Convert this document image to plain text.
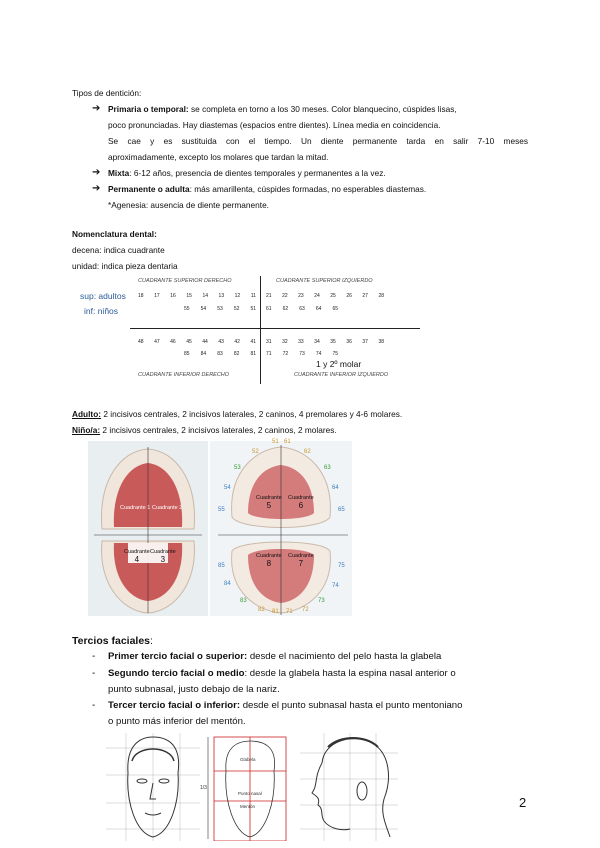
Tipos de dentición:
➔ Primaria o temporal: se completa en torno a los 30 meses. Color blanquecino, cúspides lisas,
poco pronunciadas. Hay diastemas (espacios entre dientes). Línea media en coincidencia.
Se cae y es sustituida con el tiempo. Un diente permanente tarda en salir 7-10 meses
aproximadamente, excepto los molares que tardan la mitad.
➔ Mixta: 6-12 años, presencia de dientes temporales y permanentes a la vez.
➔ Permanente o adulta: más amarillenta, cúspides formadas, no esperables diastemas.
*Agenesia: ausencia de diente permanente.
Nomenclatura dental:
decena: indica cuadrante
unidad: indica pieza dentaria
sup: adultos
inf: niños
CUADRANTE SUPERIOR DERECHO	CUADRANTE SUPERIOR IZQUIERDO
18 17 16 15 14 13 12 11 21 22 23 24 25 26 27 28
55 54 53 52 51 61 62 63 64 65
48 47 46 45 44 43 42 41 31 32 33 34 35 36 37 38
85 84 83 82 81 71 72 73 74 75
1 y 2º molar
CUADRANTE INFERIOR DERECHO	CUADRANTE INFERIOR IZQUIERDO
Adulto: 2 incisivos centrales, 2 incisivos laterales, 2 caninos, 4 premolares y 4-6 molares.
Niño/a: 2 incisivos centrales, 2 incisivos laterales, 2 caninos, 2 molares.
Cuadrante 1 Cuadrante 2
Cuadrante
4
Cuadrante
3
Cuadrante
5
Cuadrante
6
Cuadrante
8
Cuadrante
7
51 61
52	62
53	63
54	64
55	65
85	75
84	74
83	73
82	72
81 71
Tercios faciales:
- Primer tercio facial o superior: desde el nacimiento del pelo hasta la glabela
- Segundo tercio facial o medio: desde la glabela hasta la espina nasal anterior o
punto subnasal, justo debajo de la nariz.
- Tercer tercio facial o inferior: desde el punto subnasal hasta el punto mentoniano
o punto más inferior del mentón.
Glabela
Punto nasal
Mentón
1/3
2
